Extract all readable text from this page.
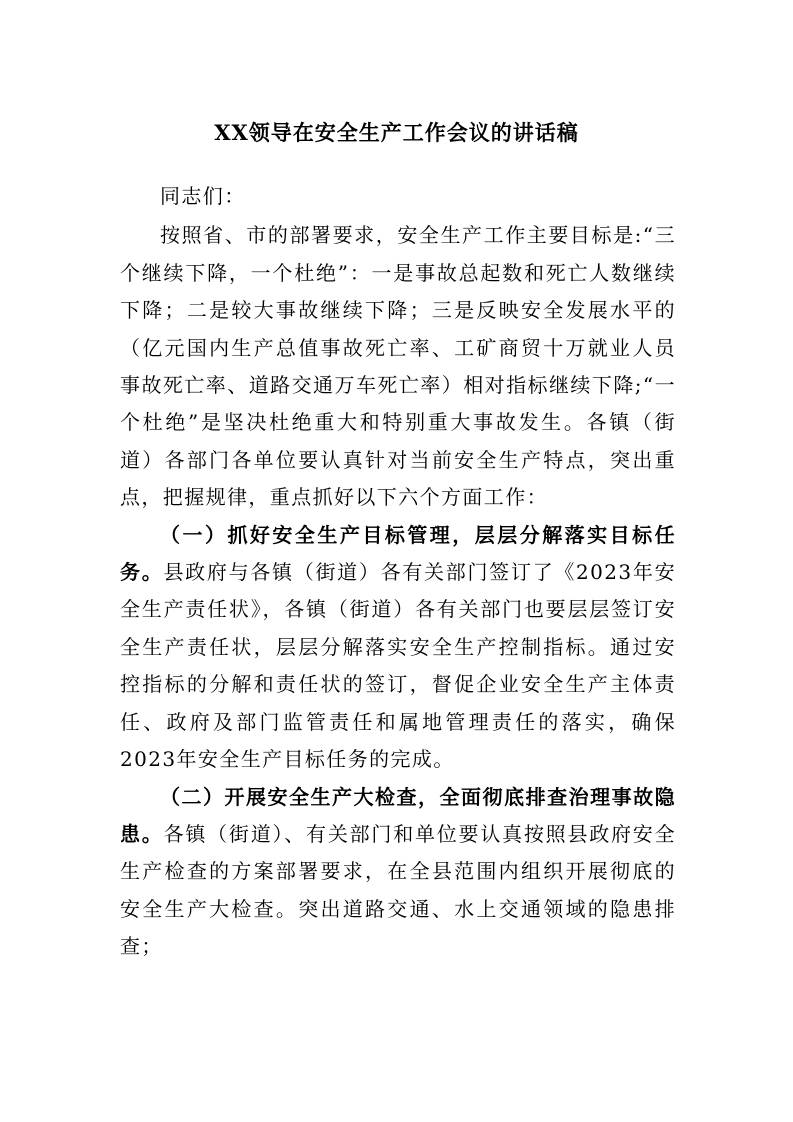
XX领导在安全生产工作会议的讲话稿

同志们：

按照省、市的部署要求，安全生产工作主要目标是:“三个继续下降，一个杜绝”：一是事故总起数和死亡人数继续下降；二是较大事故继续下降；三是反映安全发展水平的（亿元国内生产总值事故死亡率、工矿商贸十万就业人员事故死亡率、道路交通万车死亡率）相对指标继续下降;“一个杜绝”是坚决杜绝重大和特别重大事故发生。各镇（街道）各部门各单位要认真针对当前安全生产特点，突出重点，把握规律，重点抓好以下六个方面工作：

（一）抓好安全生产目标管理，层层分解落实目标任务。县政府与各镇（街道）各有关部门签订了《2023年安全生产责任状》，各镇（街道）各有关部门也要层层签订安全生产责任状，层层分解落实安全生产控制指标。通过安控指标的分解和责任状的签订，督促企业安全生产主体责任、政府及部门监管责任和属地管理责任的落实，确保2023年安全生产目标任务的完成。

（二）开展安全生产大检查，全面彻底排查治理事故隐患。各镇（街道）、有关部门和单位要认真按照县政府安全生产检查的方案部署要求，在全县范围内组织开展彻底的安全生产大检查。突出道路交通、水上交通领域的隐患排查；
